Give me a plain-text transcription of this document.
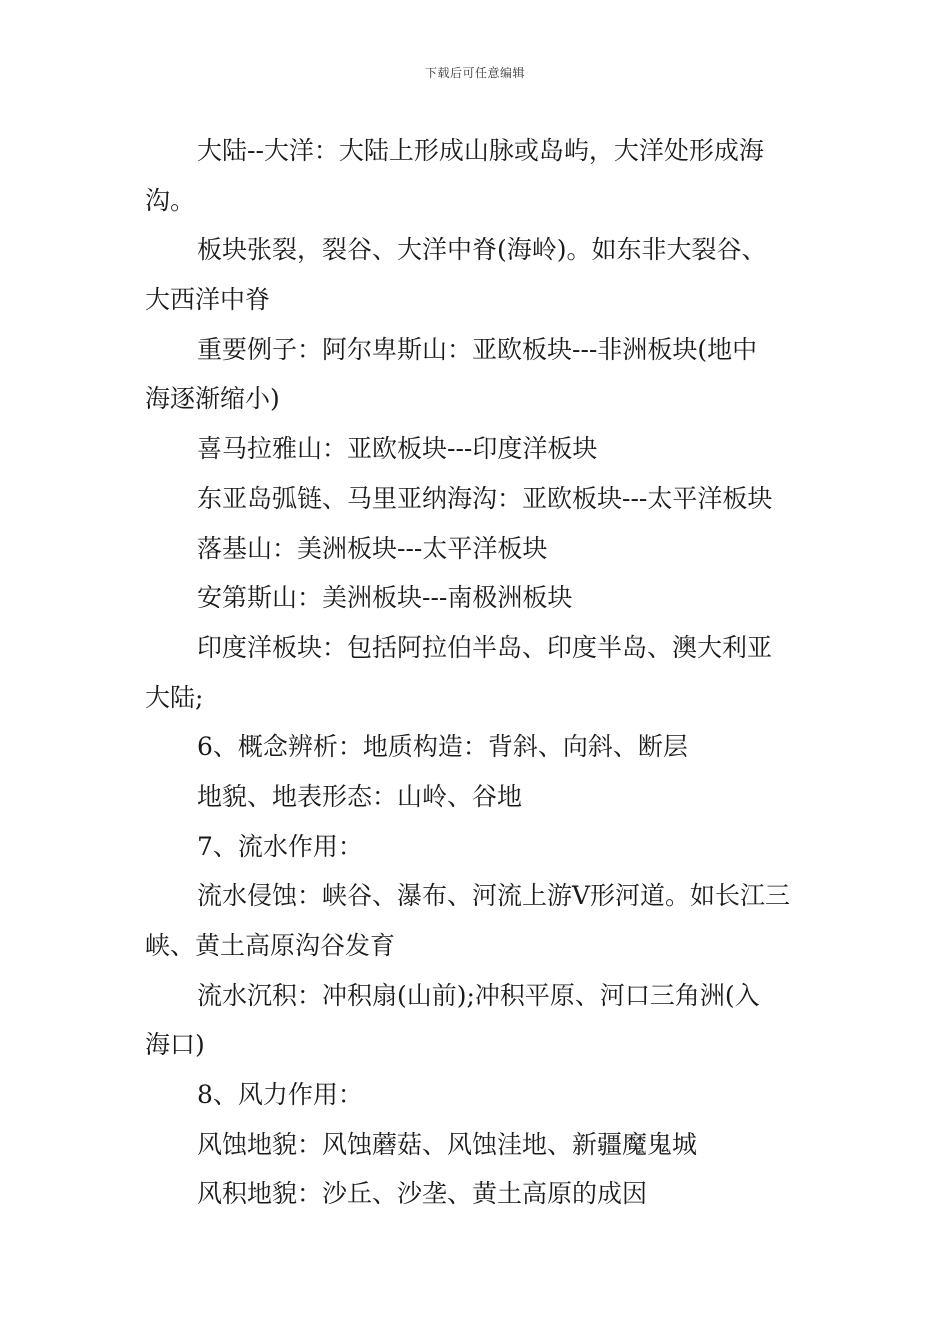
下载后可任意编辑
大陆--大洋：大陆上形成山脉或岛屿，大洋处形成海
沟。
板块张裂，裂谷、大洋中脊(海岭)。如东非大裂谷、
大西洋中脊
重要例子：阿尔卑斯山：亚欧板块---非洲板块(地中
海逐渐缩小)
喜马拉雅山：亚欧板块---印度洋板块
东亚岛弧链、马里亚纳海沟：亚欧板块---太平洋板块
落基山：美洲板块---太平洋板块
安第斯山：美洲板块---南极洲板块
印度洋板块：包括阿拉伯半岛、印度半岛、澳大利亚
大陆;
6、概念辨析：地质构造：背斜、向斜、断层
地貌、地表形态：山岭、谷地
7、流水作用：
流水侵蚀：峡谷、瀑布、河流上游V形河道。如长江三
峡、黄土高原沟谷发育
流水沉积：冲积扇(山前);冲积平原、河口三角洲(入
海口)
8、风力作用：
风蚀地貌：风蚀蘑菇、风蚀洼地、新疆魔鬼城
风积地貌：沙丘、沙垄、黄土高原的成因
